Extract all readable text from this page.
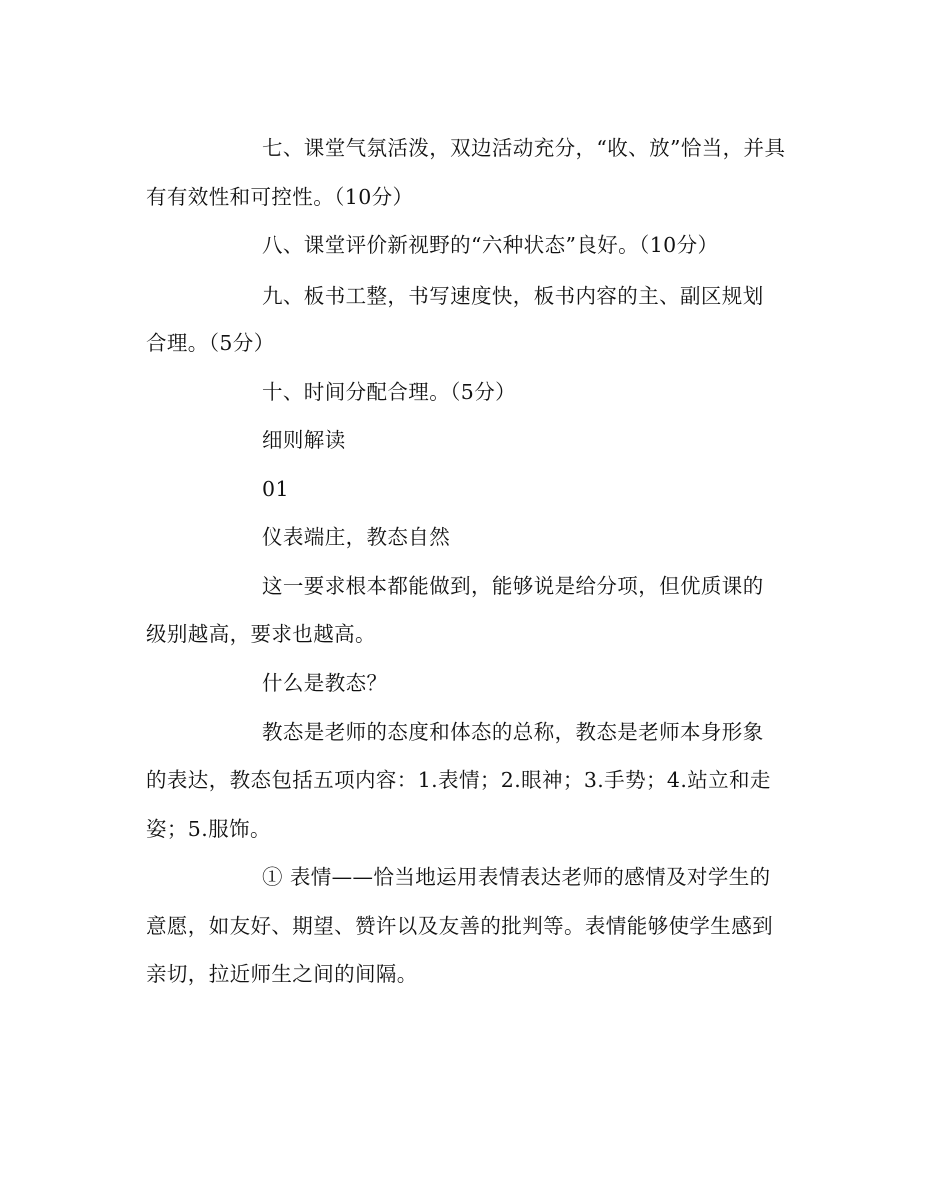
七、课堂气氛活泼，双边活动充分，“收、放”恰当，并具
有有效性和可控性。（10分）
八、课堂评价新视野的“六种状态”良好。（10分）
九、板书工整，书写速度快，板书内容的主、副区规划
合理。（5分）
十、时间分配合理。（5分）
细则解读
01
仪表端庄，教态自然
这一要求根本都能做到，能够说是给分项，但优质课的
级别越高，要求也越高。
什么是教态？
教态是老师的态度和体态的总称，教态是老师本身形象
的表达，教态包括五项内容：1.表情；2.眼神；3.手势；4.站立和走
姿；5.服饰。
① 表情——恰当地运用表情表达老师的感情及对学生的
意愿，如友好、期望、赞许以及友善的批判等。表情能够使学生感到
亲切，拉近师生之间的间隔。
